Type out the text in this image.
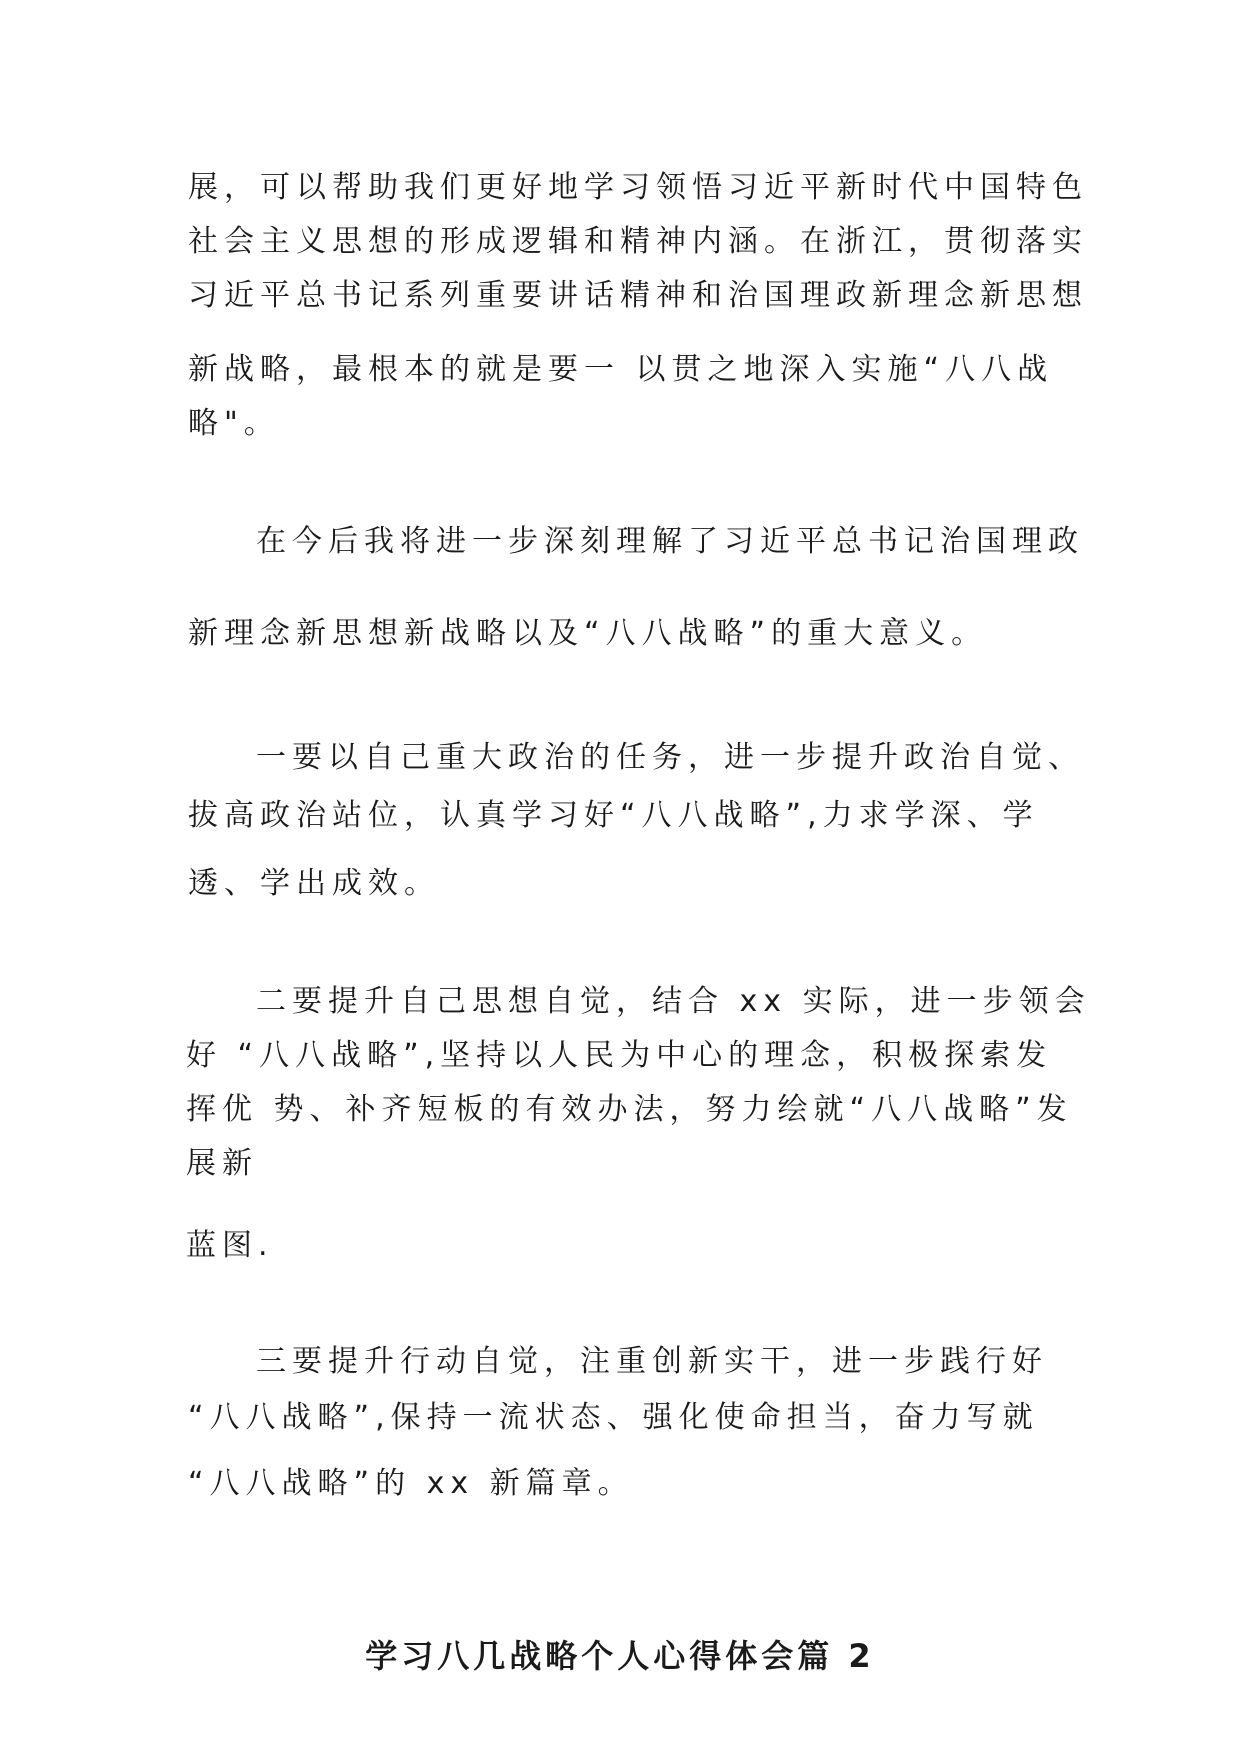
展，可以帮助我们更好地学习领悟习近平新时代中国特色
社会主义思想的形成逻辑和精神内涵。在浙江，贯彻落实
习近平总书记系列重要讲话精神和治国理政新理念新思想
新战略，最根本的就是要一 以贯之地深入实施“八八战
略"。
在今后我将进一步深刻理解了习近平总书记治国理政
新理念新思想新战略以及“八八战略”的重大意义。
一要以自己重大政治的任务，进一步提升政治自觉、
拔高政治站位，认真学习好“八八战略”,力求学深、学
透、学出成效。
二要提升自己思想自觉，结合 xx 实际，进一步领会
好 “八八战略”,坚持以人民为中心的理念，积极探索发
挥优 势、补齐短板的有效办法，努力绘就“八八战略”发
展新
蓝图.
三要提升行动自觉，注重创新实干，进一步践行好
“八八战略”,保持一流状态、强化使命担当，奋力写就
“八八战略”的 xx 新篇章。
学习八几战略个人心得体会篇 2
